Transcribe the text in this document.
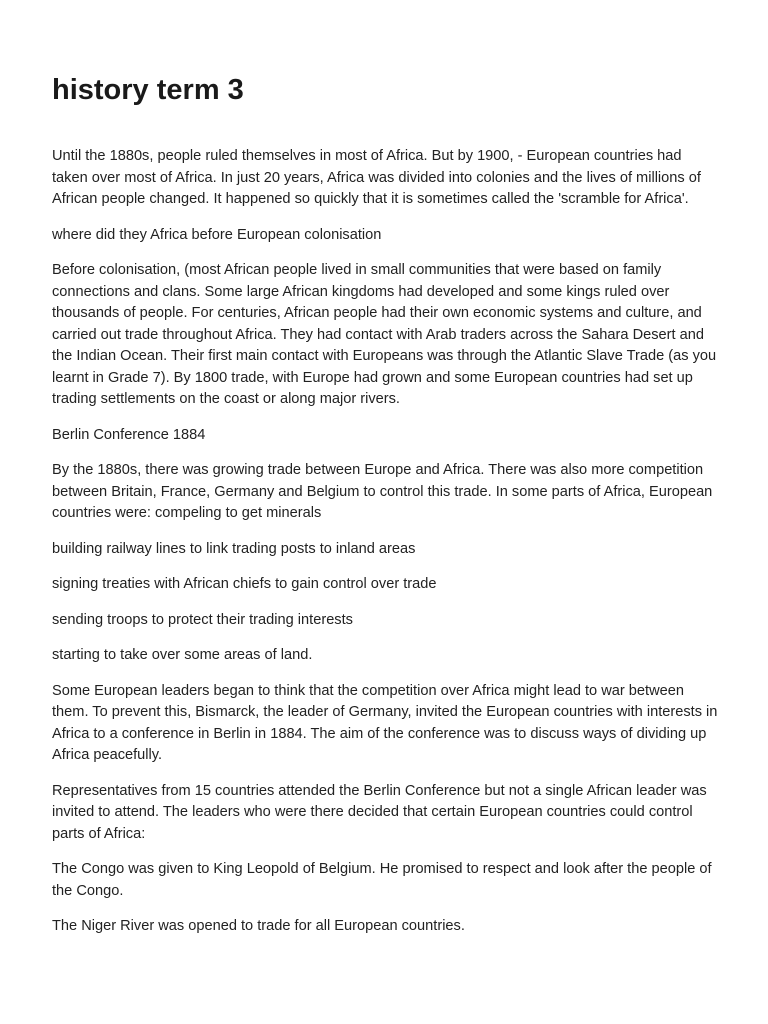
history term 3

Until the 1880s, people ruled themselves in most of Africa. But by 1900, - European countries had taken over most of Africa. In just 20 years, Africa was divided into colonies and the lives of millions of African people changed. It happened so quickly that it is sometimes called the 'scramble for Africa'.

where did they Africa before European colonisation

Before colonisation, (most African people lived in small communities that were based on family connections and clans. Some large African kingdoms had developed and some kings ruled over thousands of people. For centuries, African people had their own economic systems and culture, and carried out trade throughout Africa. They had contact with Arab traders across the Sahara Desert and the Indian Ocean. Their first main contact with Europeans was through the Atlantic Slave Trade (as you learnt in Grade 7). By 1800 trade, with Europe had grown and some European countries had set up trading settlements on the coast or along major rivers.

Berlin Conference 1884

By the 1880s, there was growing trade between Europe and Africa. There was also more competition between Britain, France, Germany and Belgium to control this trade. In some parts of Africa, European countries were: compeling to get minerals

building railway lines to link trading posts to inland areas

signing treaties with African chiefs to gain control over trade

sending troops to protect their trading interests

starting to take over some areas of land.

Some European leaders began to think that the competition over Africa might lead to war between them. To prevent this, Bismarck, the leader of Germany, invited the European countries with interests in Africa to a conference in Berlin in 1884. The aim of the conference was to discuss ways of dividing up Africa peacefully.

Representatives from 15 countries attended the Berlin Conference but not a single African leader was invited to attend. The leaders who were there decided that certain European countries could control parts of Africa:

The Congo was given to King Leopold of Belgium. He promised to respect and look after the people of the Congo.

The Niger River was opened to trade for all European countries.
